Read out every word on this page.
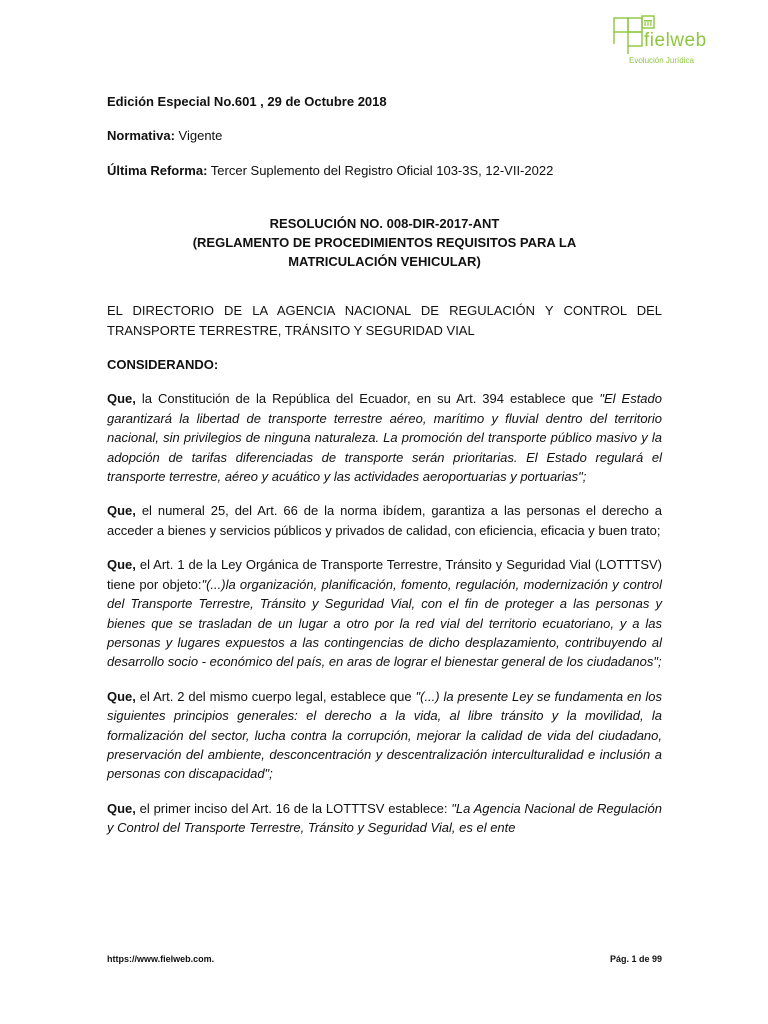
fielweb
Evolución Jurídica

Edición Especial No.601 , 29 de Octubre 2018

Normativa: Vigente

Última Reforma: Tercer Suplemento del Registro Oficial 103-3S, 12-VII-2022

RESOLUCIÓN NO. 008-DIR-2017-ANT
(REGLAMENTO DE PROCEDIMIENTOS REQUISITOS PARA LA MATRICULACIÓN VEHICULAR)

EL DIRECTORIO DE LA AGENCIA NACIONAL DE REGULACIÓN Y CONTROL DEL TRANSPORTE TERRESTRE, TRÁNSITO Y SEGURIDAD VIAL

CONSIDERANDO:

Que, la Constitución de la República del Ecuador, en su Art. 394 establece que "El Estado garantizará la libertad de transporte terrestre aéreo, marítimo y fluvial dentro del territorio nacional, sin privilegios de ninguna naturaleza. La promoción del transporte público masivo y la adopción de tarifas diferenciadas de transporte serán prioritarias. El Estado regulará el transporte terrestre, aéreo y acuático y las actividades aeroportuarias y portuarias";

Que, el numeral 25, del Art. 66 de la norma ibídem, garantiza a las personas el derecho a acceder a bienes y servicios públicos y privados de calidad, con eficiencia, eficacia y buen trato;

Que, el Art. 1 de la Ley Orgánica de Transporte Terrestre, Tránsito y Seguridad Vial (LOTTTSV) tiene por objeto:"(...)la organización, planificación, fomento, regulación, modernización y control del Transporte Terrestre, Tránsito y Seguridad Vial, con el fin de proteger a las personas y bienes que se trasladan de un lugar a otro por la red vial del territorio ecuatoriano, y a las personas y lugares expuestos a las contingencias de dicho desplazamiento, contribuyendo al desarrollo socio - económico del país, en aras de lograr el bienestar general de los ciudadanos";

Que, el Art. 2 del mismo cuerpo legal, establece que "(...) la presente Ley se fundamenta en los siguientes principios generales: el derecho a la vida, al libre tránsito y la movilidad, la formalización del sector, lucha contra la corrupción, mejorar la calidad de vida del ciudadano, preservación del ambiente, desconcentración y descentralización interculturalidad e inclusión a personas con discapacidad";

Que, el primer inciso del Art. 16 de la LOTTTSV establece: "La Agencia Nacional de Regulación y Control del Transporte Terrestre, Tránsito y Seguridad Vial, es el ente

https://www.fielweb.com.	Pág. 1 de 99
